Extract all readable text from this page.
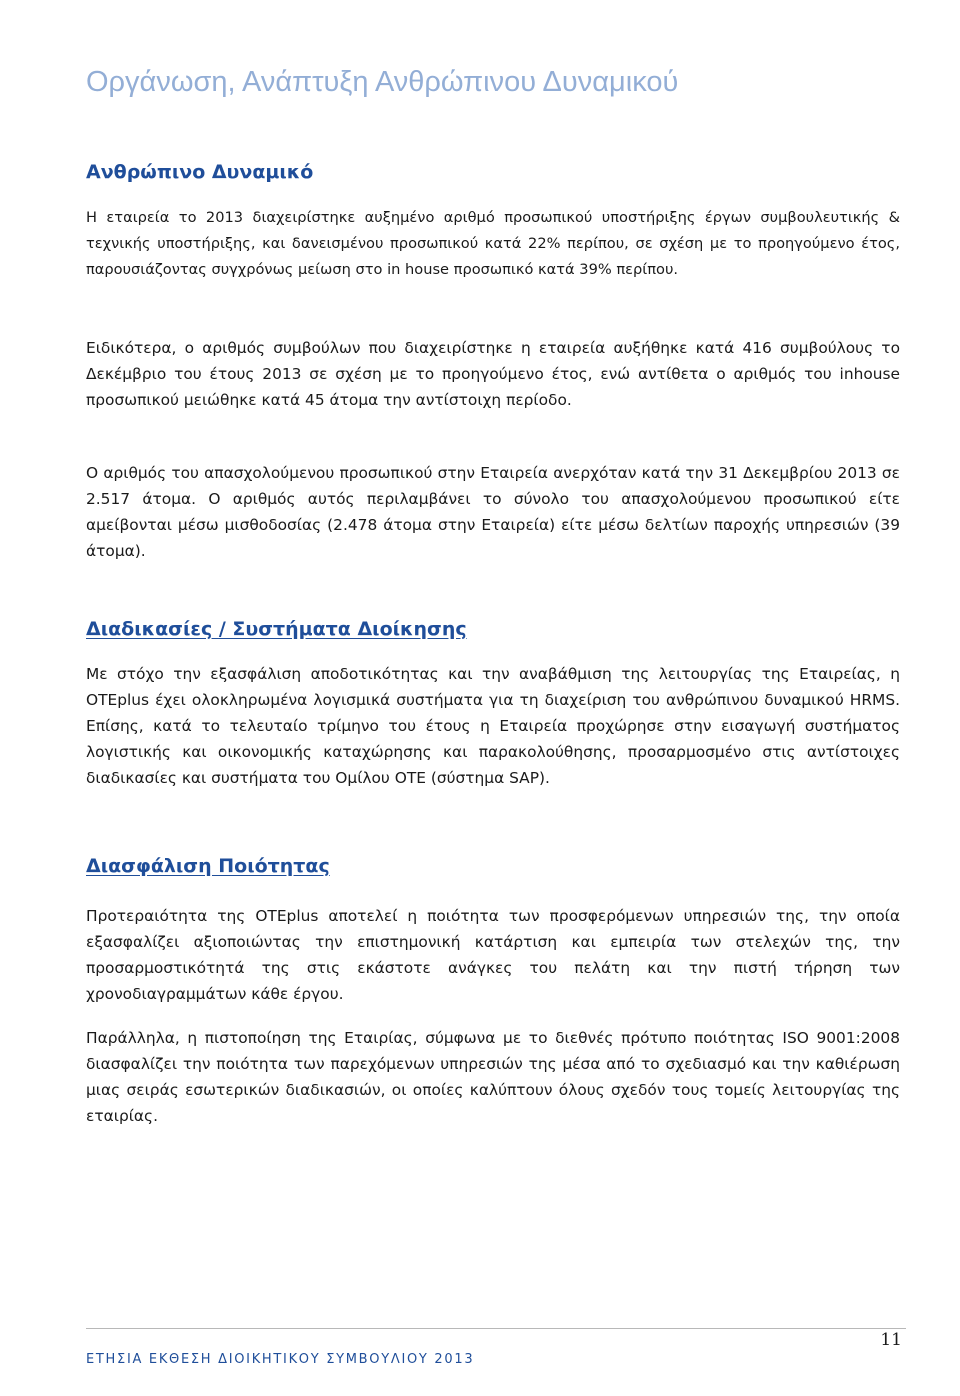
Οργάνωση, Ανάπτυξη Ανθρώπινου Δυναμικού
Ανθρώπινο Δυναμικό

Η εταιρεία το 2013 διαχειρίστηκε αυξημένο αριθμό προσωπικού υποστήριξης έργων συμβουλευτικής & τεχνικής υποστήριξης, και δανεισμένου προσωπικού κατά 22% περίπου, σε σχέση με το προηγούμενο έτος, παρουσιάζοντας συγχρόνως μείωση στο in house προσωπικό κατά 39% περίπου.

Ειδικότερα, ο αριθμός συμβούλων που διαχειρίστηκε η εταιρεία αυξήθηκε κατά 416 συμβούλους το Δεκέμβριο του έτους 2013 σε σχέση με το προηγούμενο έτος, ενώ αντίθετα ο αριθμός του inhouse προσωπικού μειώθηκε κατά 45 άτομα την αντίστοιχη περίοδο.

Ο αριθμός του απασχολούμενου προσωπικού στην Εταιρεία ανερχόταν κατά την 31 Δεκεμβρίου 2013 σε 2.517 άτομα. Ο αριθμός αυτός περιλαμβάνει το σύνολο του απασχολούμενου προσωπικού είτε αμείβονται μέσω μισθοδοσίας (2.478 άτομα στην Εταιρεία) είτε μέσω δελτίων παροχής υπηρεσιών (39 άτομα).

Διαδικασίες / Συστήματα Διοίκησης

Με στόχο την εξασφάλιση αποδοτικότητας και την αναβάθμιση της λειτουργίας της Εταιρείας, η OTEplus έχει ολοκληρωμένα λογισμικά συστήματα για τη διαχείριση του ανθρώπινου δυναμικού HRMS. Επίσης, κατά το τελευταίο τρίμηνο του έτους η Εταιρεία προχώρησε στην εισαγωγή συστήματος λογιστικής και οικονομικής καταχώρησης και παρακολούθησης, προσαρμοσμένο στις αντίστοιχες διαδικασίες και συστήματα του Ομίλου ΟΤΕ (σύστημα SAP).

Διασφάλιση Ποιότητας

Προτεραιότητα της OTEplus αποτελεί η ποιότητα των προσφερόμενων υπηρεσιών της, την οποία εξασφαλίζει αξιοποιώντας την επιστημονική κατάρτιση και εμπειρία των στελεχών της, την προσαρμοστικότητά της στις εκάστοτε ανάγκες του πελάτη και την πιστή τήρηση των χρονοδιαγραμμάτων κάθε έργου.

Παράλληλα, η πιστοποίηση της Εταιρίας, σύμφωνα με το διεθνές πρότυπο ποιότητας ISO 9001:2008 διασφαλίζει την ποιότητα των παρεχόμενων υπηρεσιών της μέσα από το σχεδιασμό και την καθιέρωση μιας σειράς εσωτερικών διαδικασιών, οι οποίες καλύπτουν όλους σχεδόν τους τομείς λειτουργίας της εταιρίας.

11
ΕΤΗΣΙΑ ΕΚΘΕΣΗ ΔΙΟΙΚΗΤΙΚΟΥ ΣΥΜΒΟΥΛΙΟΥ 2013
